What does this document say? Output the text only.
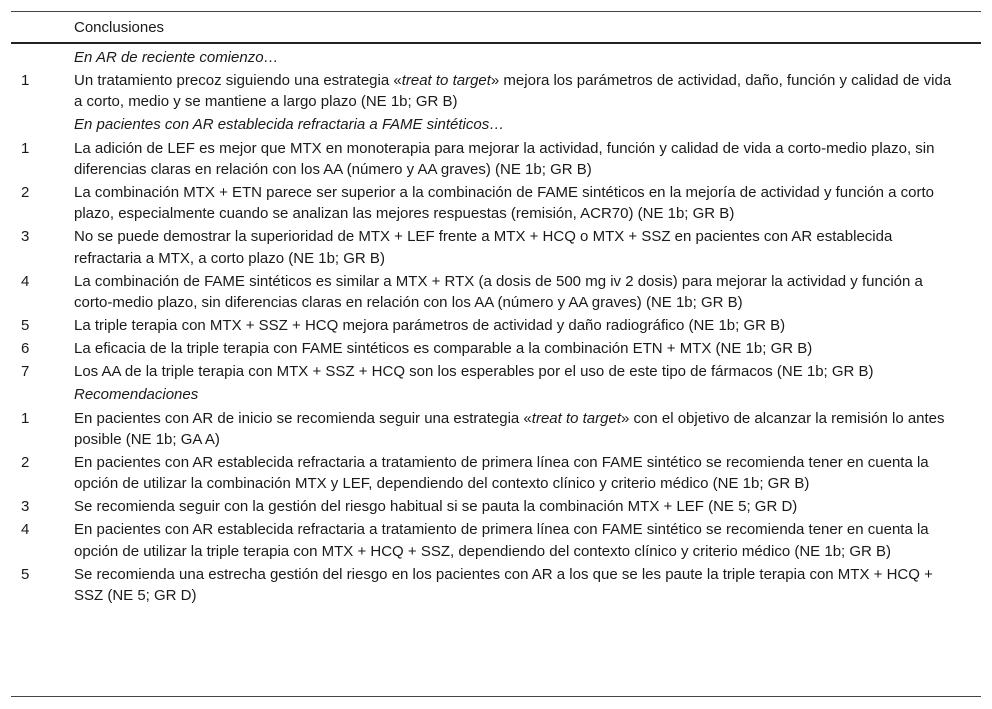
Conclusiones
En AR de reciente comienzo…
1	Un tratamiento precoz siguiendo una estrategia «treat to target» mejora los parámetros de actividad, daño, función y calidad de vida a corto, medio y se mantiene a largo plazo (NE 1b; GR B)
En pacientes con AR establecida refractaria a FAME sintéticos…
1	La adición de LEF es mejor que MTX en monoterapia para mejorar la actividad, función y calidad de vida a corto-medio plazo, sin diferencias claras en relación con los AA (número y AA graves) (NE 1b; GR B)
2	La combinación MTX + ETN parece ser superior a la combinación de FAME sintéticos en la mejoría de actividad y función a corto plazo, especialmente cuando se analizan las mejores respuestas (remisión, ACR70) (NE 1b; GR B)
3	No se puede demostrar la superioridad de MTX + LEF frente a MTX + HCQ o MTX + SSZ en pacientes con AR establecida refractaria a MTX, a corto plazo (NE 1b; GR B)
4	La combinación de FAME sintéticos es similar a MTX + RTX (a dosis de 500 mg iv 2 dosis) para mejorar la actividad y función a corto-medio plazo, sin diferencias claras en relación con los AA (número y AA graves) (NE 1b; GR B)
5	La triple terapia con MTX + SSZ + HCQ mejora parámetros de actividad y daño radiográfico (NE 1b; GR B)
6	La eficacia de la triple terapia con FAME sintéticos es comparable a la combinación ETN + MTX (NE 1b; GR B)
7	Los AA de la triple terapia con MTX + SSZ + HCQ son los esperables por el uso de este tipo de fármacos (NE 1b; GR B)
Recomendaciones
1	En pacientes con AR de inicio se recomienda seguir una estrategia «treat to target» con el objetivo de alcanzar la remisión lo antes posible (NE 1b; GA A)
2	En pacientes con AR establecida refractaria a tratamiento de primera línea con FAME sintético se recomienda tener en cuenta la opción de utilizar la combinación MTX y LEF, dependiendo del contexto clínico y criterio médico (NE 1b; GR B)
3	Se recomienda seguir con la gestión del riesgo habitual si se pauta la combinación MTX + LEF (NE 5; GR D)
4	En pacientes con AR establecida refractaria a tratamiento de primera línea con FAME sintético se recomienda tener en cuenta la opción de utilizar la triple terapia con MTX + HCQ + SSZ, dependiendo del contexto clínico y criterio médico (NE 1b; GR B)
5	Se recomienda una estrecha gestión del riesgo en los pacientes con AR a los que se les paute la triple terapia con MTX + HCQ + SSZ (NE 5; GR D)
